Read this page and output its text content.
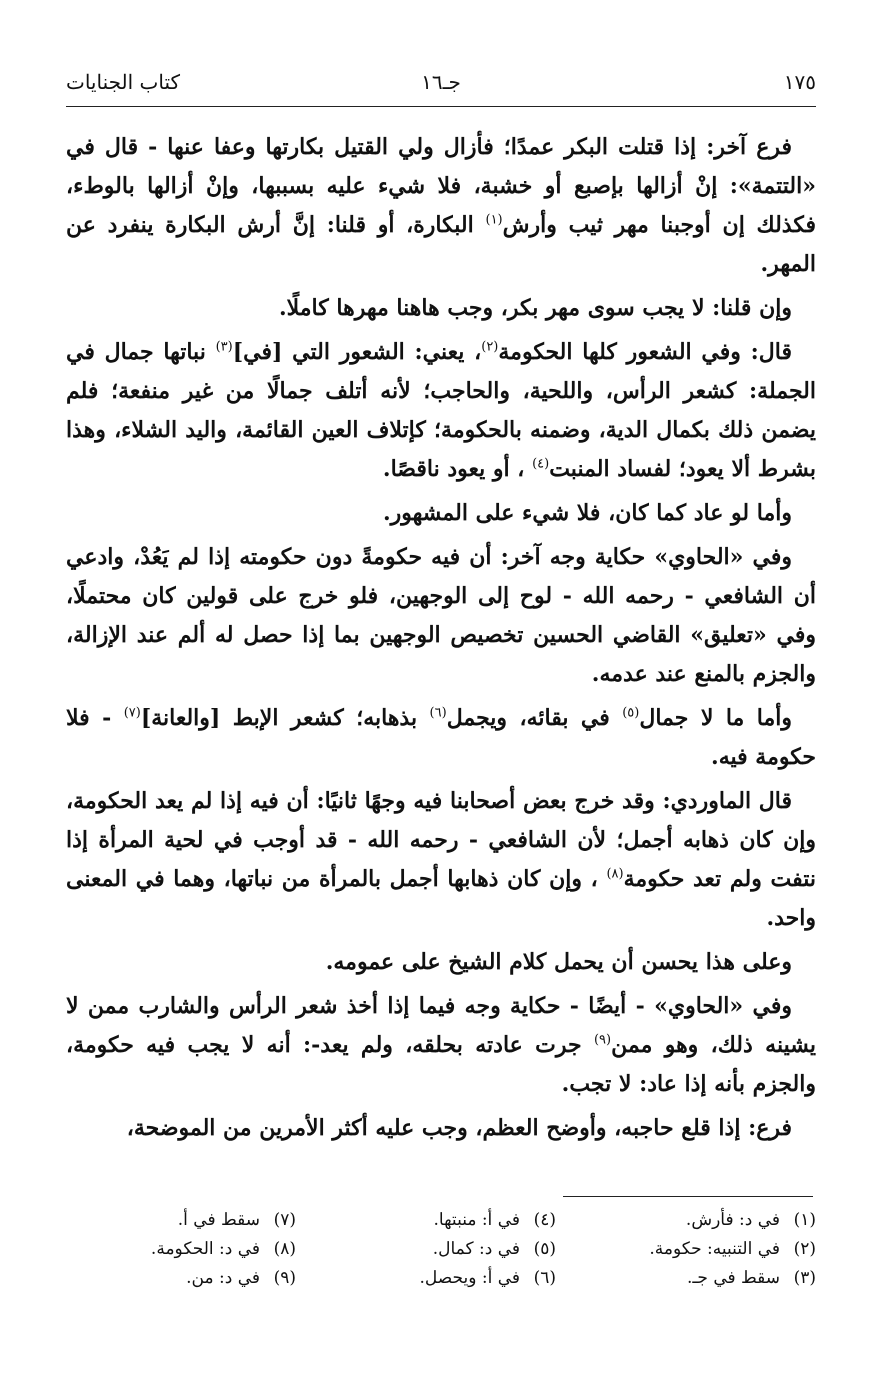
١٧٥
جـ١٦
كتاب الجنايات

فرع آخر: إذا قتلت البكر عمدًا؛ فأزال ولي القتيل بكارتها وعفا عنها - قال في «التتمة»: إنْ أزالها بإصبع أو خشبة، فلا شيء عليه بسببها، وإنْ أزالها بالوطء، فكذلك إن أوجبنا مهر ثيب وأرش$^{(١)}$ البكارة، أو قلنا: إنَّ أرش البكارة ينفرد عن المهر.

وإن قلنا: لا يجب سوى مهر بكر، وجب هاهنا مهرها كاملًا.

قال: وفي الشعور كلها الحكومة$^{(٢)}$، يعني: الشعور التي [في]$^{(٣)}$ نباتها جمال في الجملة: كشعر الرأس، واللحية، والحاجب؛ لأنه أتلف جمالًا من غير منفعة؛ فلم يضمن ذلك بكمال الدية، وضمنه بالحكومة؛ كإتلاف العين القائمة، واليد الشلاء، وهذا بشرط ألا يعود؛ لفساد المنبت$^{(٤)}$ ، أو يعود ناقصًا.

وأما لو عاد كما كان، فلا شيء على المشهور.

وفي «الحاوي» حكاية وجه آخر: أن فيه حكومةً دون حكومته إذا لم يَعُدْ، وادعي أن الشافعي - رحمه الله - لوح إلى الوجهين، فلو خرج على قولين كان محتملًا، وفي «تعليق» القاضي الحسين تخصيص الوجهين بما إذا حصل له ألم عند الإزالة، والجزم بالمنع عند عدمه.

وأما ما لا جمال$^{(٥)}$ في بقائه، ويجمل$^{(٦)}$ بذهابه؛ كشعر الإبط [والعانة]$^{(٧)}$ - فلا حكومة فيه.

قال الماوردي: وقد خرج بعض أصحابنا فيه وجهًا ثانيًا: أن فيه إذا لم يعد الحكومة، وإن كان ذهابه أجمل؛ لأن الشافعي - رحمه الله - قد أوجب في لحية المرأة إذا نتفت ولم تعد حكومة$^{(٨)}$ ، وإن كان ذهابها أجمل بالمرأة من نباتها، وهما في المعنى واحد.

وعلى هذا يحسن أن يحمل كلام الشيخ على عمومه.

وفي «الحاوي» - أيضًا - حكاية وجه فيما إذا أخذ شعر الرأس والشارب ممن لا يشينه ذلك، وهو ممن$^{(٩)}$ جرت عادته بحلقه، ولم يعد-: أنه لا يجب فيه حكومة، والجزم بأنه إذا عاد: لا تجب.

فرع: إذا قلع حاجبه، وأوضح العظم، وجب عليه أكثر الأمرين من الموضحة،

(١)في د: فأرش.
(٢)في التنبيه: حكومة.
(٣)سقط في جـ.
(٤)في أ: منبتها.
(٥)في د: كمال.
(٦)في أ: ويحصل.
(٧)سقط في أ.
(٨)في د: الحكومة.
(٩)في د: من.
